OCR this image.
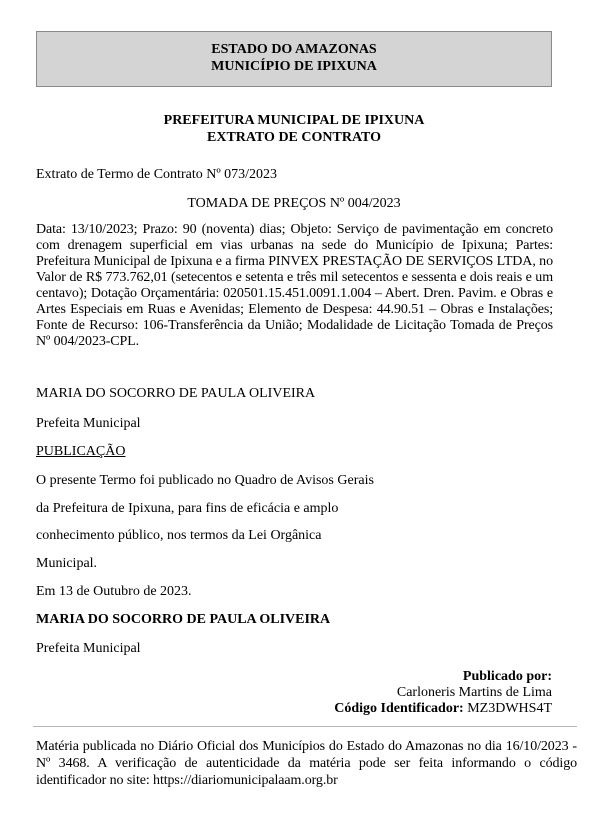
ESTADO DO AMAZONAS
MUNICÍPIO DE IPIXUNA
PREFEITURA MUNICIPAL DE IPIXUNA
EXTRATO DE CONTRATO
Extrato de Termo de Contrato Nº 073/2023
TOMADA DE PREÇOS Nº 004/2023
Data: 13/10/2023; Prazo: 90 (noventa) dias; Objeto: Serviço de pavimentação em concreto com drenagem superficial em vias urbanas na sede do Município de Ipixuna; Partes: Prefeitura Municipal de Ipixuna e a firma PINVEX PRESTAÇÃO DE SERVIÇOS LTDA, no Valor de R$ 773.762,01 (setecentos e setenta e três mil setecentos e sessenta e dois reais e um centavo); Dotação Orçamentária: 020501.15.451.0091.1.004 – Abert. Dren. Pavim. e Obras e Artes Especiais em Ruas e Avenidas; Elemento de Despesa: 44.90.51 – Obras e Instalações; Fonte de Recurso: 106-Transferência da União; Modalidade de Licitação Tomada de Preços Nº 004/2023-CPL.
MARIA DO SOCORRO DE PAULA OLIVEIRA
Prefeita Municipal
PUBLICAÇÃO
O presente Termo foi publicado no Quadro de Avisos Gerais
da Prefeitura de Ipixuna, para fins de eficácia e amplo
conhecimento público, nos termos da Lei Orgânica
Municipal.
Em 13 de Outubro de 2023.
MARIA DO SOCORRO DE PAULA OLIVEIRA
Prefeita Municipal
Publicado por:
Carloneris Martins de Lima
Código Identificador: MZ3DWHS4T
Matéria publicada no Diário Oficial dos Municípios do Estado do Amazonas no dia 16/10/2023 - Nº 3468. A verificação de autenticidade da matéria pode ser feita informando o código identificador no site: https://diariomunicipalaam.org.br
